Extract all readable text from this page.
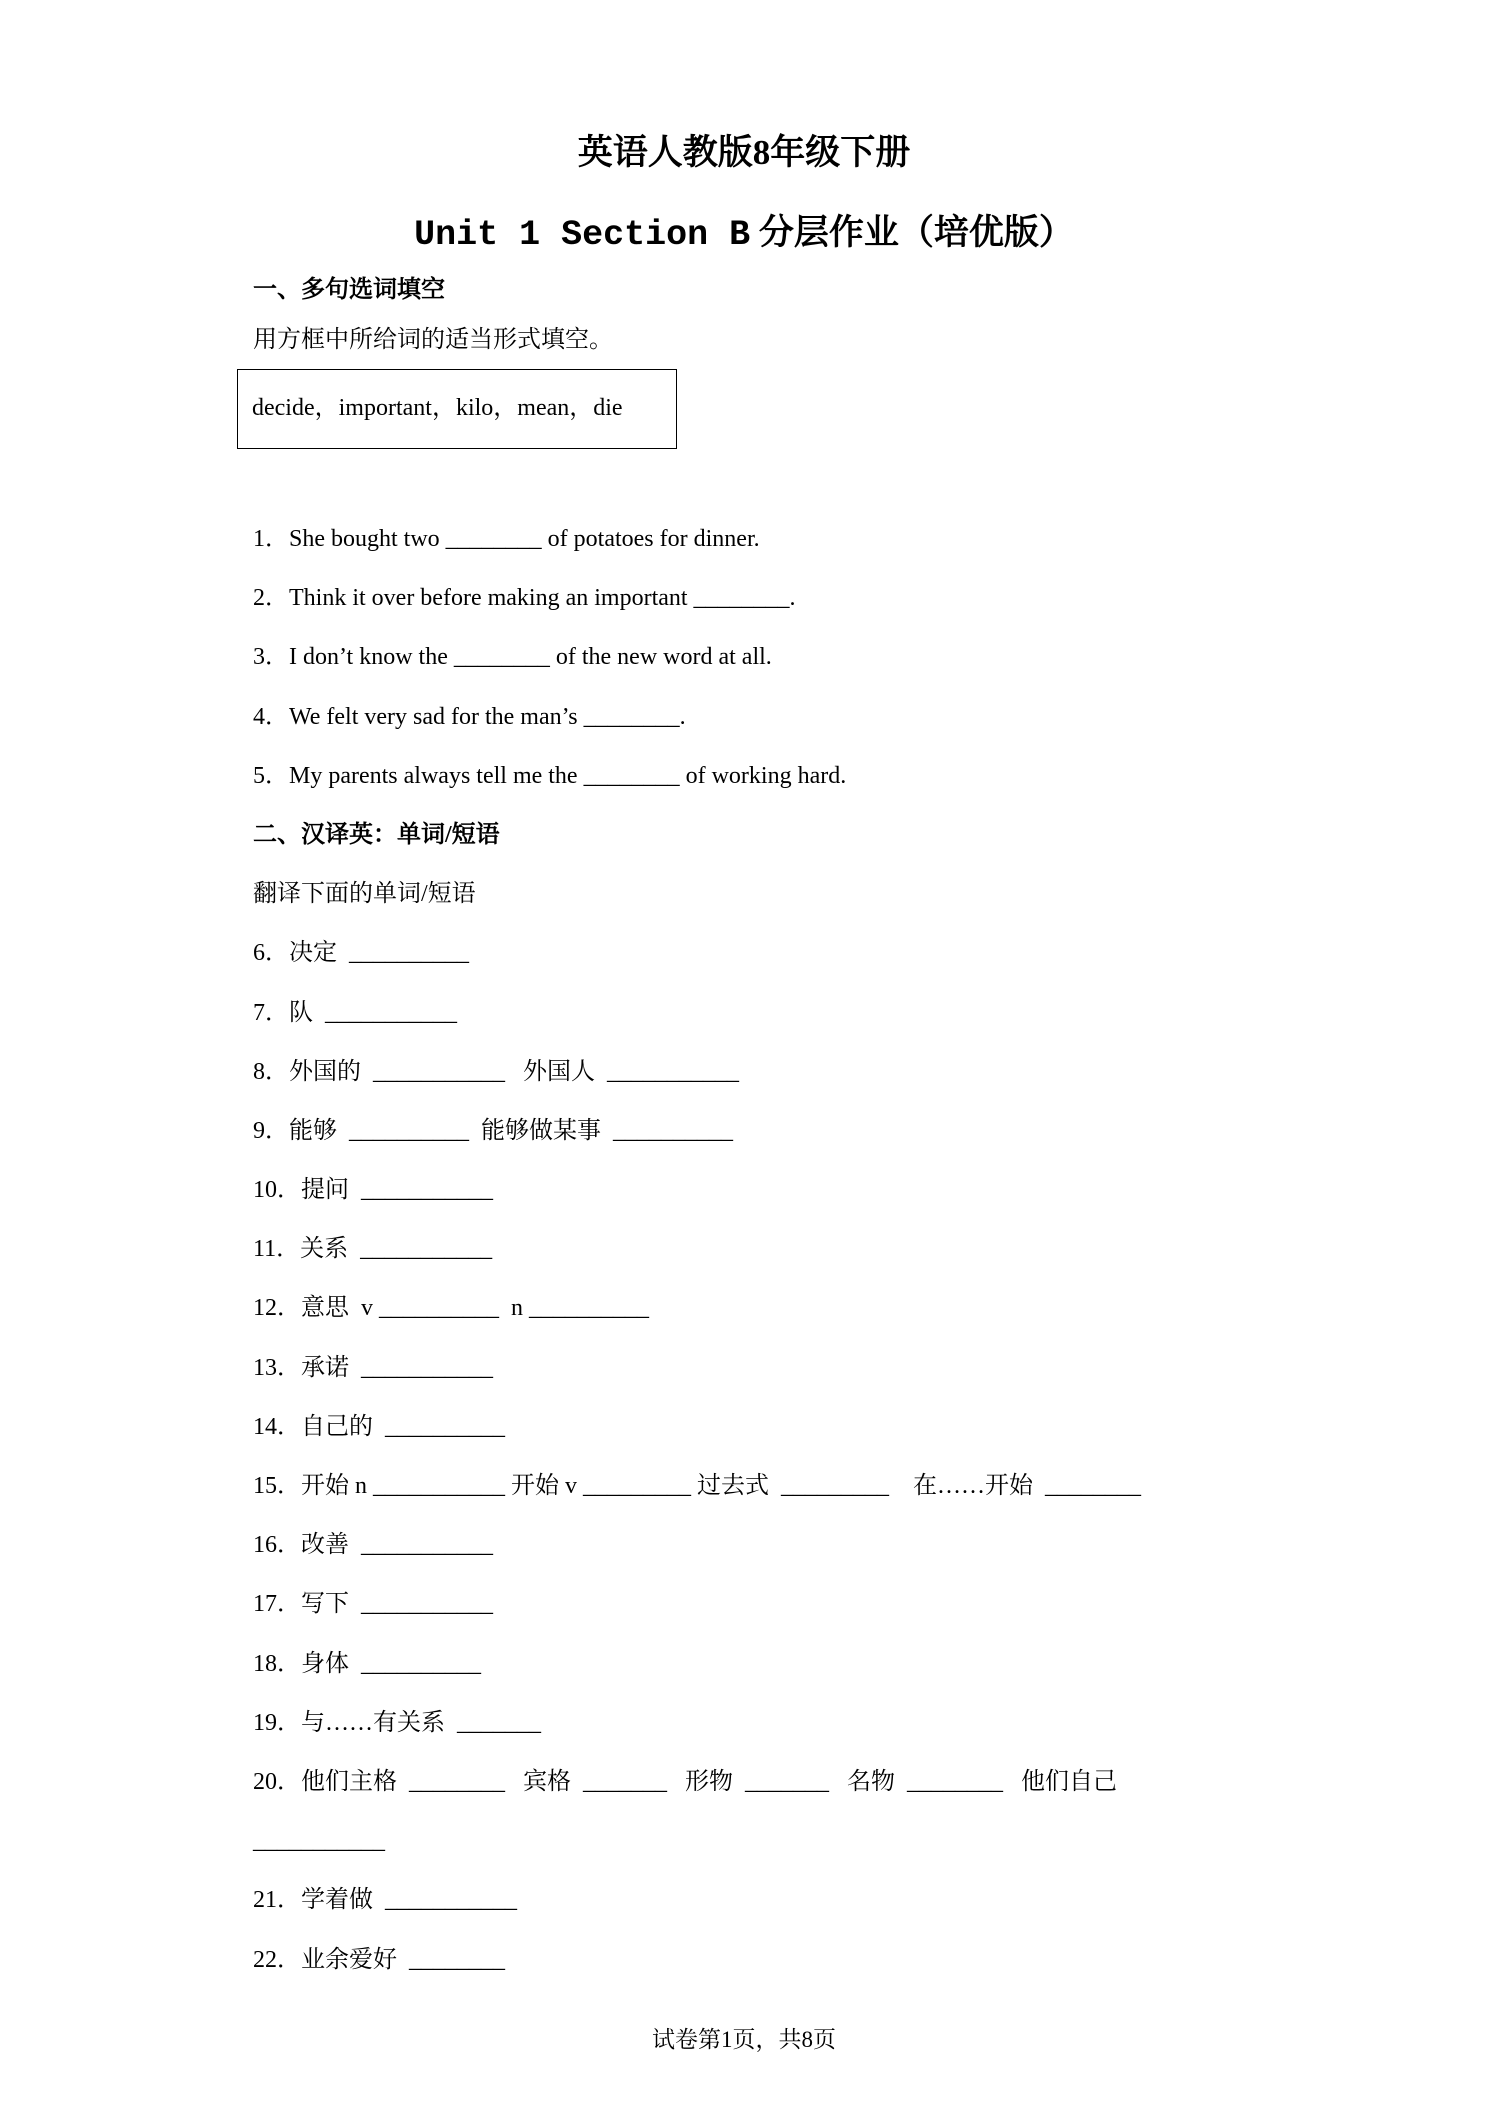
英语人教版8年级下册
Unit 1 Section B 分层作业（培优版）
一、多句选词填空
用方框中所给词的适当形式填空。
decide，important，kilo，mean，die
1．She bought two ________ of potatoes for dinner.
2．Think it over before making an important ________.
3．I don’t know the ________ of the new word at all.
4．We felt very sad for the man’s ________.
5．My parents always tell me the ________ of working hard.
二、汉译英：单词/短语
翻译下面的单词/短语
6．决定  __________
7．队  ___________
8．外国的  ___________   外国人  ___________
9．能够  __________  能够做某事  __________
10．提问  ___________
11．关系  ___________
12．意思  v __________  n __________
13．承诺  ___________
14．自己的  __________
15．开始 n ___________ 开始 v _________ 过去式  _________    在……开始  ________
16．改善  ___________
17．写下  ___________
18．身体  __________
19．与……有关系  _______
20．他们主格  ________   宾格  _______   形物  _______   名物  ________   他们自己
___________
21．学着做  ___________
22．业余爱好  ________
试卷第1页，共8页
